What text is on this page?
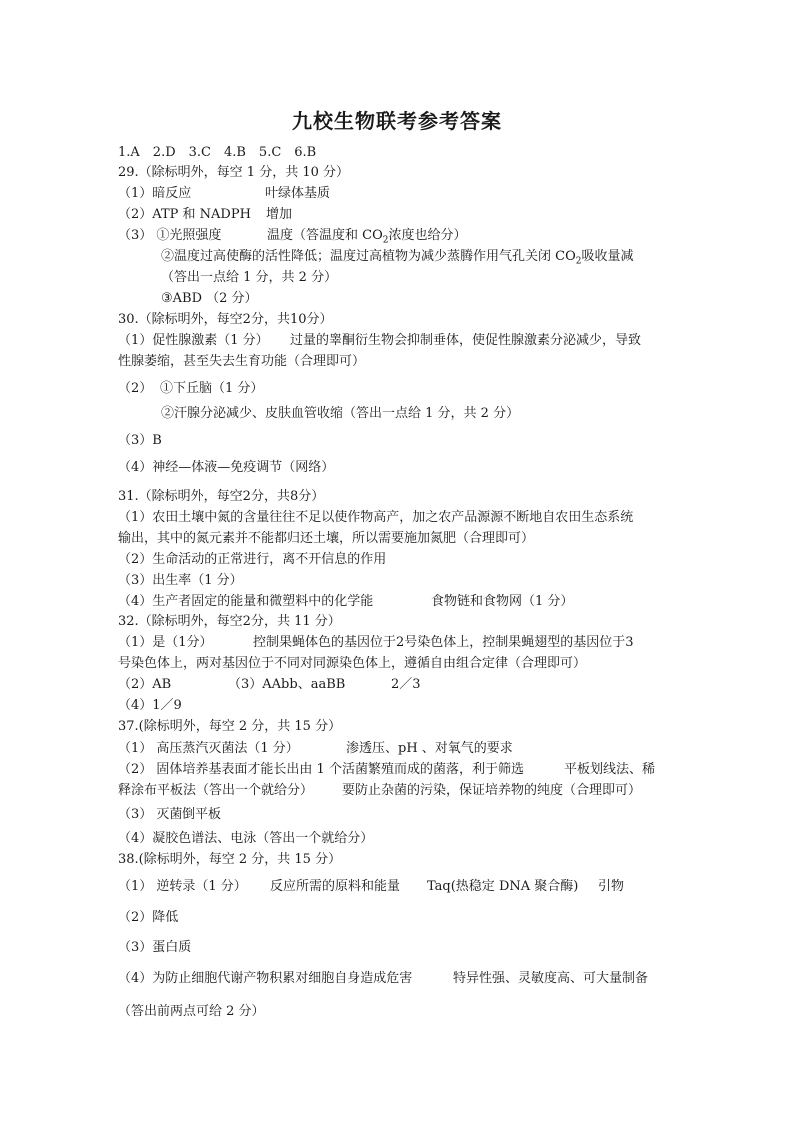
九校生物联考参考答案
1.A　2.D　3.C　4.B　5.C　6.B
29.（除标明外，每空 1 分，共 10 分）
（1）暗反应	叶绿体基质
（2）ATP 和 NADPH 增加
（3） ①光照强度	温度（答温度和 $CO_2$浓度也给分）
②温度过高使酶的活性降低；温度过高植物为减少蒸腾作用气孔关闭 $CO_2$吸收量减
（答出一点给 1 分，共 2 分）
③ABD （2 分）
30.（除标明外，每空2分，共10分）
（1）促性腺激素（1 分） 过量的睾酮衍生物会抑制垂体，使促性腺激素分泌减少，导致
性腺萎缩，甚至失去生育功能（合理即可）
（2） ①下丘脑（1 分）
②汗腺分泌减少、皮肤血管收缩（答出一点给 1 分，共 2 分）
（3）B
（4）神经—体液—免疫调节（网络）
31.（除标明外，每空2分，共8分）
（1）农田土壤中氮的含量往往不足以使作物高产，加之农产品源源不断地自农田生态系统
输出，其中的氮元素并不能都归还土壤，所以需要施加氮肥（合理即可）
（2）生命活动的正常进行，离不开信息的作用
（3）出生率（1 分）
（4）生产者固定的能量和微塑料中的化学能	食物链和食物网（1 分）
32.（除标明外，每空2分，共 11 分）
（1）是（1分）	控制果蝇体色的基因位于2号染色体上，控制果蝇翅型的基因位于3
号染色体上，两对基因位于不同对同源染色体上，遵循自由组合定律（合理即可）
（2）AB	（3）AAbb、aaBB	2／3
（4）1／9
37.(除标明外，每空 2 分，共 15 分）
（1） 高压蒸汽灭菌法（1 分）	渗透压、pH 、对氧气的要求
（2） 固体培养基表面才能长出由 1 个活菌繁殖而成的菌落，利于筛选	平板划线法、稀
释涂布平板法（答出一个就给分） 要防止杂菌的污染，保证培养物的纯度（合理即可）
（3） 灭菌 倒平板
（4）凝胶色谱法、电泳（答出一个就给分）
38.(除标明外，每空 2 分，共 15 分）
（1） 逆转录（1 分） 反应所需的原料和能量 Taq(热稳定 DNA 聚合酶) 引物
（2）降低
（3）蛋白质
（4）为防止细胞代谢产物积累对细胞自身造成危害	特异性强、灵敏度高、可大量制备
（答出前两点可给 2 分）
